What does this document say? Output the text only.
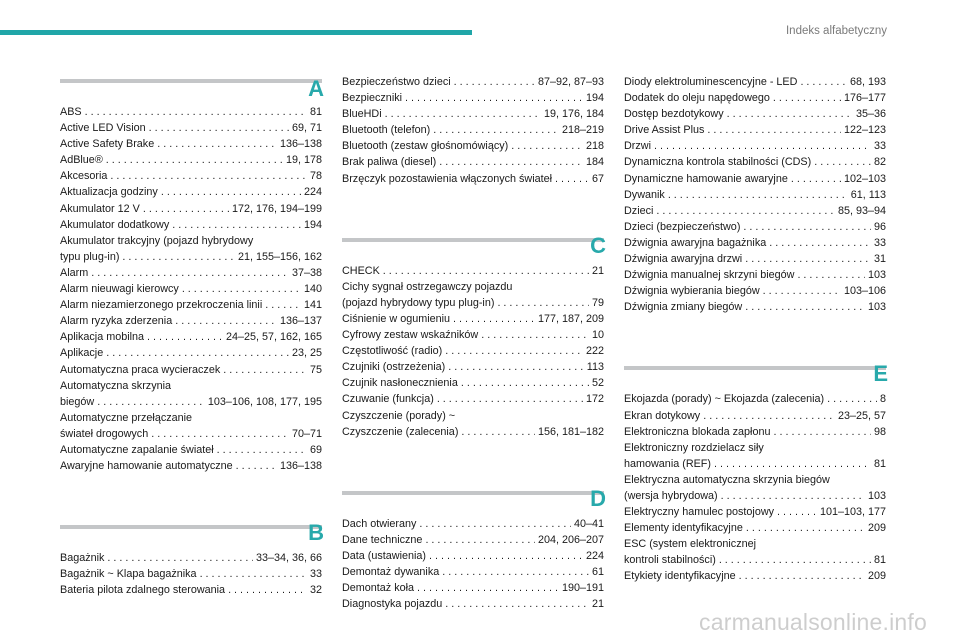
Indeks alfabetyczny
A
ABS . . .	81
Active LED Vision . . .	69, 71
Active Safety Brake . . .	136–138
AdBlue® . . .	19, 178
Akcesoria . . .	78
Aktualizacja godziny . . .	224
Akumulator 12 V . . .	172, 176, 194–199
Akumulator dodatkowy . . .	194
Akumulator trakcyjny (pojazd hybrydowy
typu plug-in) . . .	21, 155–156, 162
Alarm . . .	37–38
Alarm nieuwagi kierowcy . . .	140
Alarm niezamierzonego przekroczenia linii . . .	141
Alarm ryzyka zderzenia . . .	136–137
Aplikacja mobilna . . .	24–25, 57, 162, 165
Aplikacje . . .	23, 25
Automatyczna praca wycieraczek . . .	75
Automatyczna skrzynia
biegów . . .	103–106, 108, 177, 195
Automatyczne przełączanie
świateł drogowych . . .	70–71
Automatyczne zapalanie świateł . . .	69
Awaryjne hamowanie automatyczne . . .	136–138
B
Bagażnik . . .	33–34, 36, 66
Bagażnik ~ Klapa bagażnika . . .	33
Bateria pilota zdalnego sterowania . . .	32
Bezpieczeństwo dzieci . . .	87–92, 87–93
Bezpieczniki . . .	194
BlueHDi . . .	19, 176, 184
Bluetooth (telefon) . . .	218–219
Bluetooth (zestaw głośnomówiący) . . .	218
Brak paliwa (diesel) . . .	184
Brzęczyk pozostawienia włączonych świateł . . .	67
C
CHECK . . .	21
Cichy sygnał ostrzegawczy pojazdu
(pojazd hybrydowy typu plug-in) . . .	79
Ciśnienie w ogumieniu . . .	177, 187, 209
Cyfrowy zestaw wskaźników . . .	10
Częstotliwość (radio) . . .	222
Czujniki (ostrzeżenia) . . .	113
Czujnik nasłonecznienia . . .	52
Czuwanie (funkcja) . . .	172
Czyszczenie (porady) ~
Czyszczenie (zalecenia) . . .	156, 181–182
D
Dach otwierany . . .	40–41
Dane techniczne . . .	204, 206–207
Data (ustawienia) . . .	224
Demontaż dywanika . . .	61
Demontaż koła . . .	190–191
Diagnostyka pojazdu . . .	21
Diody elektroluminescencyjne - LED . . .	68, 193
Dodatek do oleju napędowego . . .	176–177
Dostęp bezdotykowy . . .	35–36
Drive Assist Plus . . .	122–123
Drzwi . . .	33
Dynamiczna kontrola stabilności (CDS) . . .	82
Dynamiczne hamowanie awaryjne . . .	102–103
Dywanik . . .	61, 113
Dzieci . . .	85, 93–94
Dzieci (bezpieczeństwo) . . .	96
Dźwignia awaryjna bagażnika . . .	33
Dźwignia awaryjna drzwi . . .	31
Dźwignia manualnej skrzyni biegów . . .	103
Dźwignia wybierania biegów . . .	103–106
Dźwignia zmiany biegów . . .	103
E
Ekojazda (porady) ~ Ekojazda (zalecenia) . . .	8
Ekran dotykowy . . .	23–25, 57
Elektroniczna blokada zapłonu . . .	98
Elektroniczny rozdzielacz siły
hamowania (REF) . . .	81
Elektryczna automatyczna skrzynia biegów
(wersja hybrydowa) . . .	103
Elektryczny hamulec postojowy . . .	101–103, 177
Elementy identyfikacyjne . . .	209
ESC (system elektronicznej
kontroli stabilności) . . .	81
Etykiety identyfikacyjne . . .	209
carmanualsonline.info
